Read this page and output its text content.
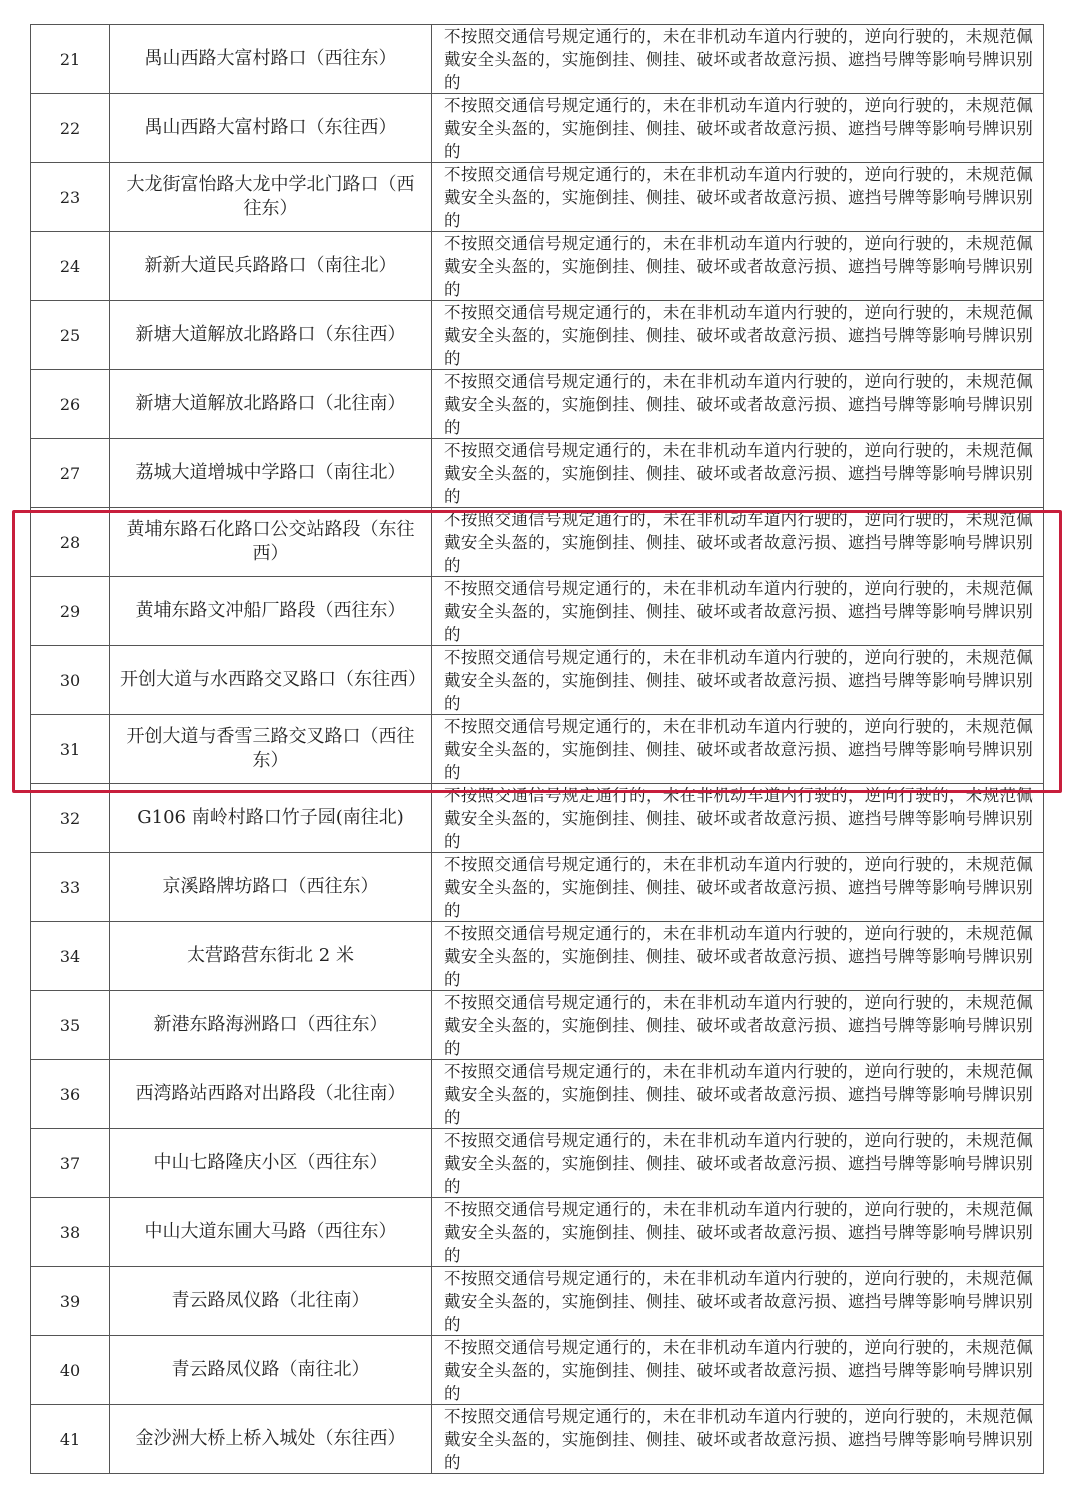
21	禺山西路大富村路口（西往东）	不按照交通信号规定通行的，未在非机动车道内行驶的，逆向行驶的，未规范佩戴安全头盔的，实施倒挂、侧挂、破坏或者故意污损、遮挡号牌等影响号牌识别的

22	禺山西路大富村路口（东往西）	不按照交通信号规定通行的，未在非机动车道内行驶的，逆向行驶的，未规范佩戴安全头盔的，实施倒挂、侧挂、破坏或者故意污损、遮挡号牌等影响号牌识别的

23	大龙街富怡路大龙中学北门路口（西往东）	不按照交通信号规定通行的，未在非机动车道内行驶的，逆向行驶的，未规范佩戴安全头盔的，实施倒挂、侧挂、破坏或者故意污损、遮挡号牌等影响号牌识别的

24	新新大道民兵路路口（南往北）	不按照交通信号规定通行的，未在非机动车道内行驶的，逆向行驶的，未规范佩戴安全头盔的，实施倒挂、侧挂、破坏或者故意污损、遮挡号牌等影响号牌识别的

25	新塘大道解放北路路口（东往西）	不按照交通信号规定通行的，未在非机动车道内行驶的，逆向行驶的，未规范佩戴安全头盔的，实施倒挂、侧挂、破坏或者故意污损、遮挡号牌等影响号牌识别的

26	新塘大道解放北路路口（北往南）	不按照交通信号规定通行的，未在非机动车道内行驶的，逆向行驶的，未规范佩戴安全头盔的，实施倒挂、侧挂、破坏或者故意污损、遮挡号牌等影响号牌识别的

27	荔城大道增城中学路口（南往北）	不按照交通信号规定通行的，未在非机动车道内行驶的，逆向行驶的，未规范佩戴安全头盔的，实施倒挂、侧挂、破坏或者故意污损、遮挡号牌等影响号牌识别的

28	黄埔东路石化路口公交站路段（东往西）	不按照交通信号规定通行的，未在非机动车道内行驶的，逆向行驶的，未规范佩戴安全头盔的，实施倒挂、侧挂、破坏或者故意污损、遮挡号牌等影响号牌识别的

29	黄埔东路文冲船厂路段（西往东）	不按照交通信号规定通行的，未在非机动车道内行驶的，逆向行驶的，未规范佩戴安全头盔的，实施倒挂、侧挂、破坏或者故意污损、遮挡号牌等影响号牌识别的

30	开创大道与水西路交叉路口（东往西）	不按照交通信号规定通行的，未在非机动车道内行驶的，逆向行驶的，未规范佩戴安全头盔的，实施倒挂、侧挂、破坏或者故意污损、遮挡号牌等影响号牌识别的

31	开创大道与香雪三路交叉路口（西往东）	不按照交通信号规定通行的，未在非机动车道内行驶的，逆向行驶的，未规范佩戴安全头盔的，实施倒挂、侧挂、破坏或者故意污损、遮挡号牌等影响号牌识别的

32	G106 南岭村路口竹子园(南往北)	不按照交通信号规定通行的，未在非机动车道内行驶的，逆向行驶的，未规范佩戴安全头盔的，实施倒挂、侧挂、破坏或者故意污损、遮挡号牌等影响号牌识别的

33	京溪路牌坊路口（西往东）	不按照交通信号规定通行的，未在非机动车道内行驶的，逆向行驶的，未规范佩戴安全头盔的，实施倒挂、侧挂、破坏或者故意污损、遮挡号牌等影响号牌识别的

34	太营路营东街北 2 米	不按照交通信号规定通行的，未在非机动车道内行驶的，逆向行驶的，未规范佩戴安全头盔的，实施倒挂、侧挂、破坏或者故意污损、遮挡号牌等影响号牌识别的

35	新港东路海洲路口（西往东）	不按照交通信号规定通行的，未在非机动车道内行驶的，逆向行驶的，未规范佩戴安全头盔的，实施倒挂、侧挂、破坏或者故意污损、遮挡号牌等影响号牌识别的

36	西湾路站西路对出路段（北往南）	不按照交通信号规定通行的，未在非机动车道内行驶的，逆向行驶的，未规范佩戴安全头盔的，实施倒挂、侧挂、破坏或者故意污损、遮挡号牌等影响号牌识别的

37	中山七路隆庆小区（西往东）	不按照交通信号规定通行的，未在非机动车道内行驶的，逆向行驶的，未规范佩戴安全头盔的，实施倒挂、侧挂、破坏或者故意污损、遮挡号牌等影响号牌识别的

38	中山大道东圃大马路（西往东）	不按照交通信号规定通行的，未在非机动车道内行驶的，逆向行驶的，未规范佩戴安全头盔的，实施倒挂、侧挂、破坏或者故意污损、遮挡号牌等影响号牌识别的

39	青云路凤仪路（北往南）	不按照交通信号规定通行的，未在非机动车道内行驶的，逆向行驶的，未规范佩戴安全头盔的，实施倒挂、侧挂、破坏或者故意污损、遮挡号牌等影响号牌识别的

40	青云路凤仪路（南往北）	不按照交通信号规定通行的，未在非机动车道内行驶的，逆向行驶的，未规范佩戴安全头盔的，实施倒挂、侧挂、破坏或者故意污损、遮挡号牌等影响号牌识别的

41	金沙洲大桥上桥入城处（东往西）	不按照交通信号规定通行的，未在非机动车道内行驶的，逆向行驶的，未规范佩戴安全头盔的，实施倒挂、侧挂、破坏或者故意污损、遮挡号牌等影响号牌识别的
